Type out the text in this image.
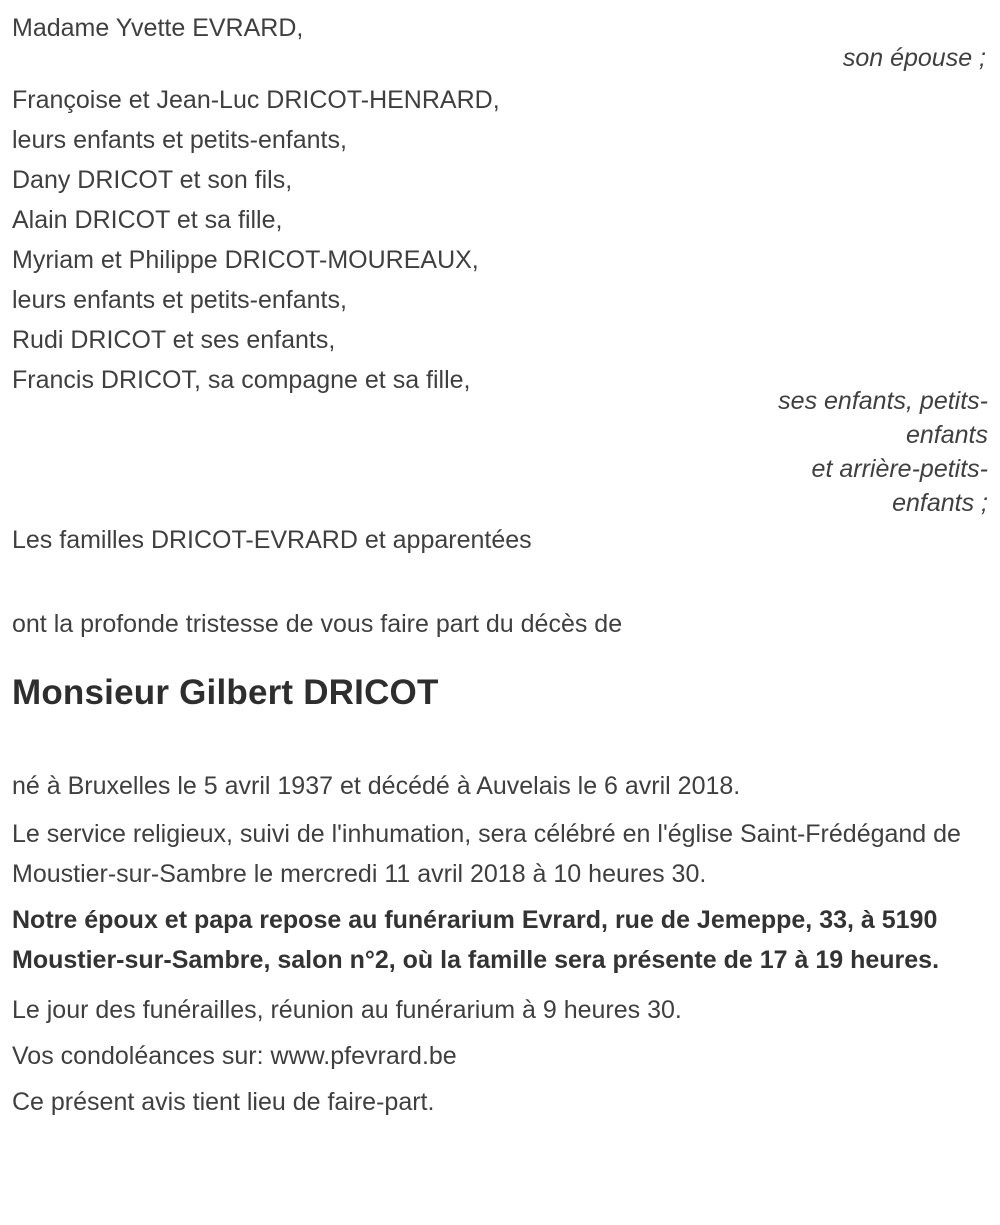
Madame Yvette EVRARD,

son épouse ;

Françoise et Jean-Luc DRICOT-HENRARD,

leurs enfants et petits-enfants,

Dany DRICOT et son fils,

Alain DRICOT et sa fille,

Myriam et Philippe DRICOT-MOUREAUX,

leurs enfants et petits-enfants,

Rudi DRICOT et ses enfants,

Francis DRICOT, sa compagne et sa fille,

ses enfants, petits-enfants

et arrière-petits-enfants ;

Les familles DRICOT-EVRARD et apparentées

ont la profonde tristesse de vous faire part du décès de

Monsieur Gilbert DRICOT

né à Bruxelles le 5 avril 1937 et décédé à Auvelais le 6 avril 2018.

Le service religieux, suivi de l'inhumation, sera célébré en l'église Saint-Frédégand de Moustier-sur-Sambre le mercredi 11 avril 2018 à 10 heures 30.

Notre époux et papa repose au funérarium Evrard, rue de Jemeppe, 33, à 5190 Moustier-sur-Sambre, salon n°2, où la famille sera présente de 17 à 19 heures.

Le jour des funérailles, réunion au funérarium à 9 heures 30.

Vos condoléances sur: www.pfevrard.be

Ce présent avis tient lieu de faire-part.
